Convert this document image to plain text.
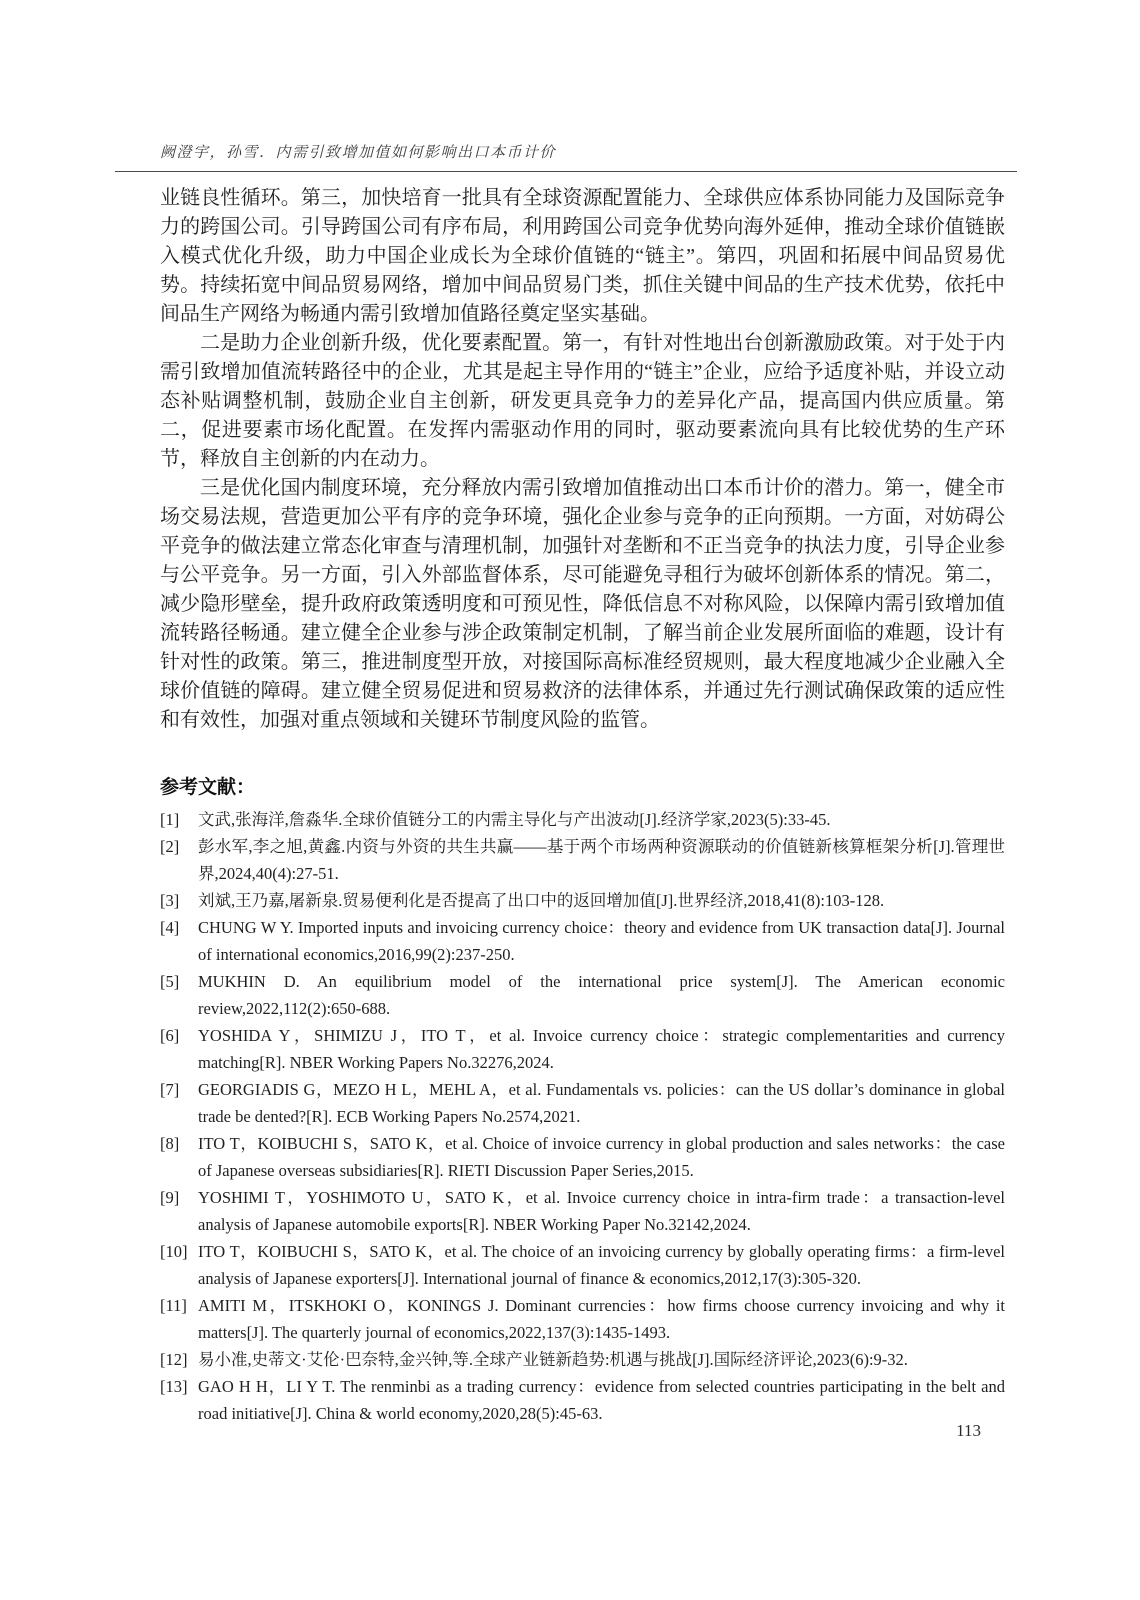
阙澄宇，孙雪．内需引致增加值如何影响出口本币计价

业链良性循环。第三，加快培育一批具有全球资源配置能力、全球供应体系协同能力及国际竞争力的跨国公司。引导跨国公司有序布局，利用跨国公司竞争优势向海外延伸，推动全球价值链嵌入模式优化升级，助力中国企业成长为全球价值链的“链主”。第四，巩固和拓展中间品贸易优势。持续拓宽中间品贸易网络，增加中间品贸易门类，抓住关键中间品的生产技术优势，依托中间品生产网络为畅通内需引致增加值路径奠定坚实基础。

二是助力企业创新升级，优化要素配置。第一，有针对性地出台创新激励政策。对于处于内需引致增加值流转路径中的企业，尤其是起主导作用的“链主”企业，应给予适度补贴，并设立动态补贴调整机制，鼓励企业自主创新，研发更具竞争力的差异化产品，提高国内供应质量。第二，促进要素市场化配置。在发挥内需驱动作用的同时，驱动要素流向具有比较优势的生产环节，释放自主创新的内在动力。

三是优化国内制度环境，充分释放内需引致增加值推动出口本币计价的潜力。第一，健全市场交易法规，营造更加公平有序的竞争环境，强化企业参与竞争的正向预期。一方面，对妨碍公平竞争的做法建立常态化审查与清理机制，加强针对垄断和不正当竞争的执法力度，引导企业参与公平竞争。另一方面，引入外部监督体系，尽可能避免寻租行为破坏创新体系的情况。第二，减少隐形壁垒，提升政府政策透明度和可预见性，降低信息不对称风险，以保障内需引致增加值流转路径畅通。建立健全企业参与涉企政策制定机制，了解当前企业发展所面临的难题，设计有针对性的政策。第三，推进制度型开放，对接国际高标准经贸规则，最大程度地减少企业融入全球价值链的障碍。建立健全贸易促进和贸易救济的法律体系，并通过先行测试确保政策的适应性和有效性，加强对重点领域和关键环节制度风险的监管。

参考文献：
[1] 文武,张海洋,詹淼华.全球价值链分工的内需主导化与产出波动[J].经济学家,2023(5):33-45.
[2] 彭水军,李之旭,黄鑫.内资与外资的共生共赢——基于两个市场两种资源联动的价值链新核算框架分析[J].管理世界,2024,40(4):27-51.
[3] 刘斌,王乃嘉,屠新泉.贸易便利化是否提高了出口中的返回增加值[J].世界经济,2018,41(8):103-128.
[4] CHUNG W Y. Imported inputs and invoicing currency choice：theory and evidence from UK transaction data[J]. Journal of international economics,2016,99(2):237-250.
[5] MUKHIN D. An equilibrium model of the international price system[J]. The American economic review,2022,112(2):650-688.
[6] YOSHIDA Y，SHIMIZU J，ITO T，et al. Invoice currency choice：strategic complementarities and currency matching[R]. NBER Working Papers No.32276,2024.
[7] GEORGIADIS G，MEZO H L，MEHL A，et al. Fundamentals vs. policies：can the US dollar’s dominance in global trade be dented?[R]. ECB Working Papers No.2574,2021.
[8] ITO T，KOIBUCHI S，SATO K，et al. Choice of invoice currency in global production and sales networks：the case of Japanese overseas subsidiaries[R]. RIETI Discussion Paper Series,2015.
[9] YOSHIMI T，YOSHIMOTO U，SATO K，et al. Invoice currency choice in intra-firm trade：a transaction-level analysis of Japanese automobile exports[R]. NBER Working Paper No.32142,2024.
[10] ITO T，KOIBUCHI S，SATO K，et al. The choice of an invoicing currency by globally operating firms：a firm-level analysis of Japanese exporters[J]. International journal of finance & economics,2012,17(3):305-320.
[11] AMITI M，ITSKHOKI O，KONINGS J. Dominant currencies：how firms choose currency invoicing and why it matters[J]. The quarterly journal of economics,2022,137(3):1435-1493.
[12] 易小准,史蒂文·艾伦·巴奈特,金兴钟,等.全球产业链新趋势:机遇与挑战[J].国际经济评论,2023(6):9-32.
[13] GAO H H，LI Y T. The renminbi as a trading currency：evidence from selected countries participating in the belt and road initiative[J]. China & world economy,2020,28(5):45-63.
113
